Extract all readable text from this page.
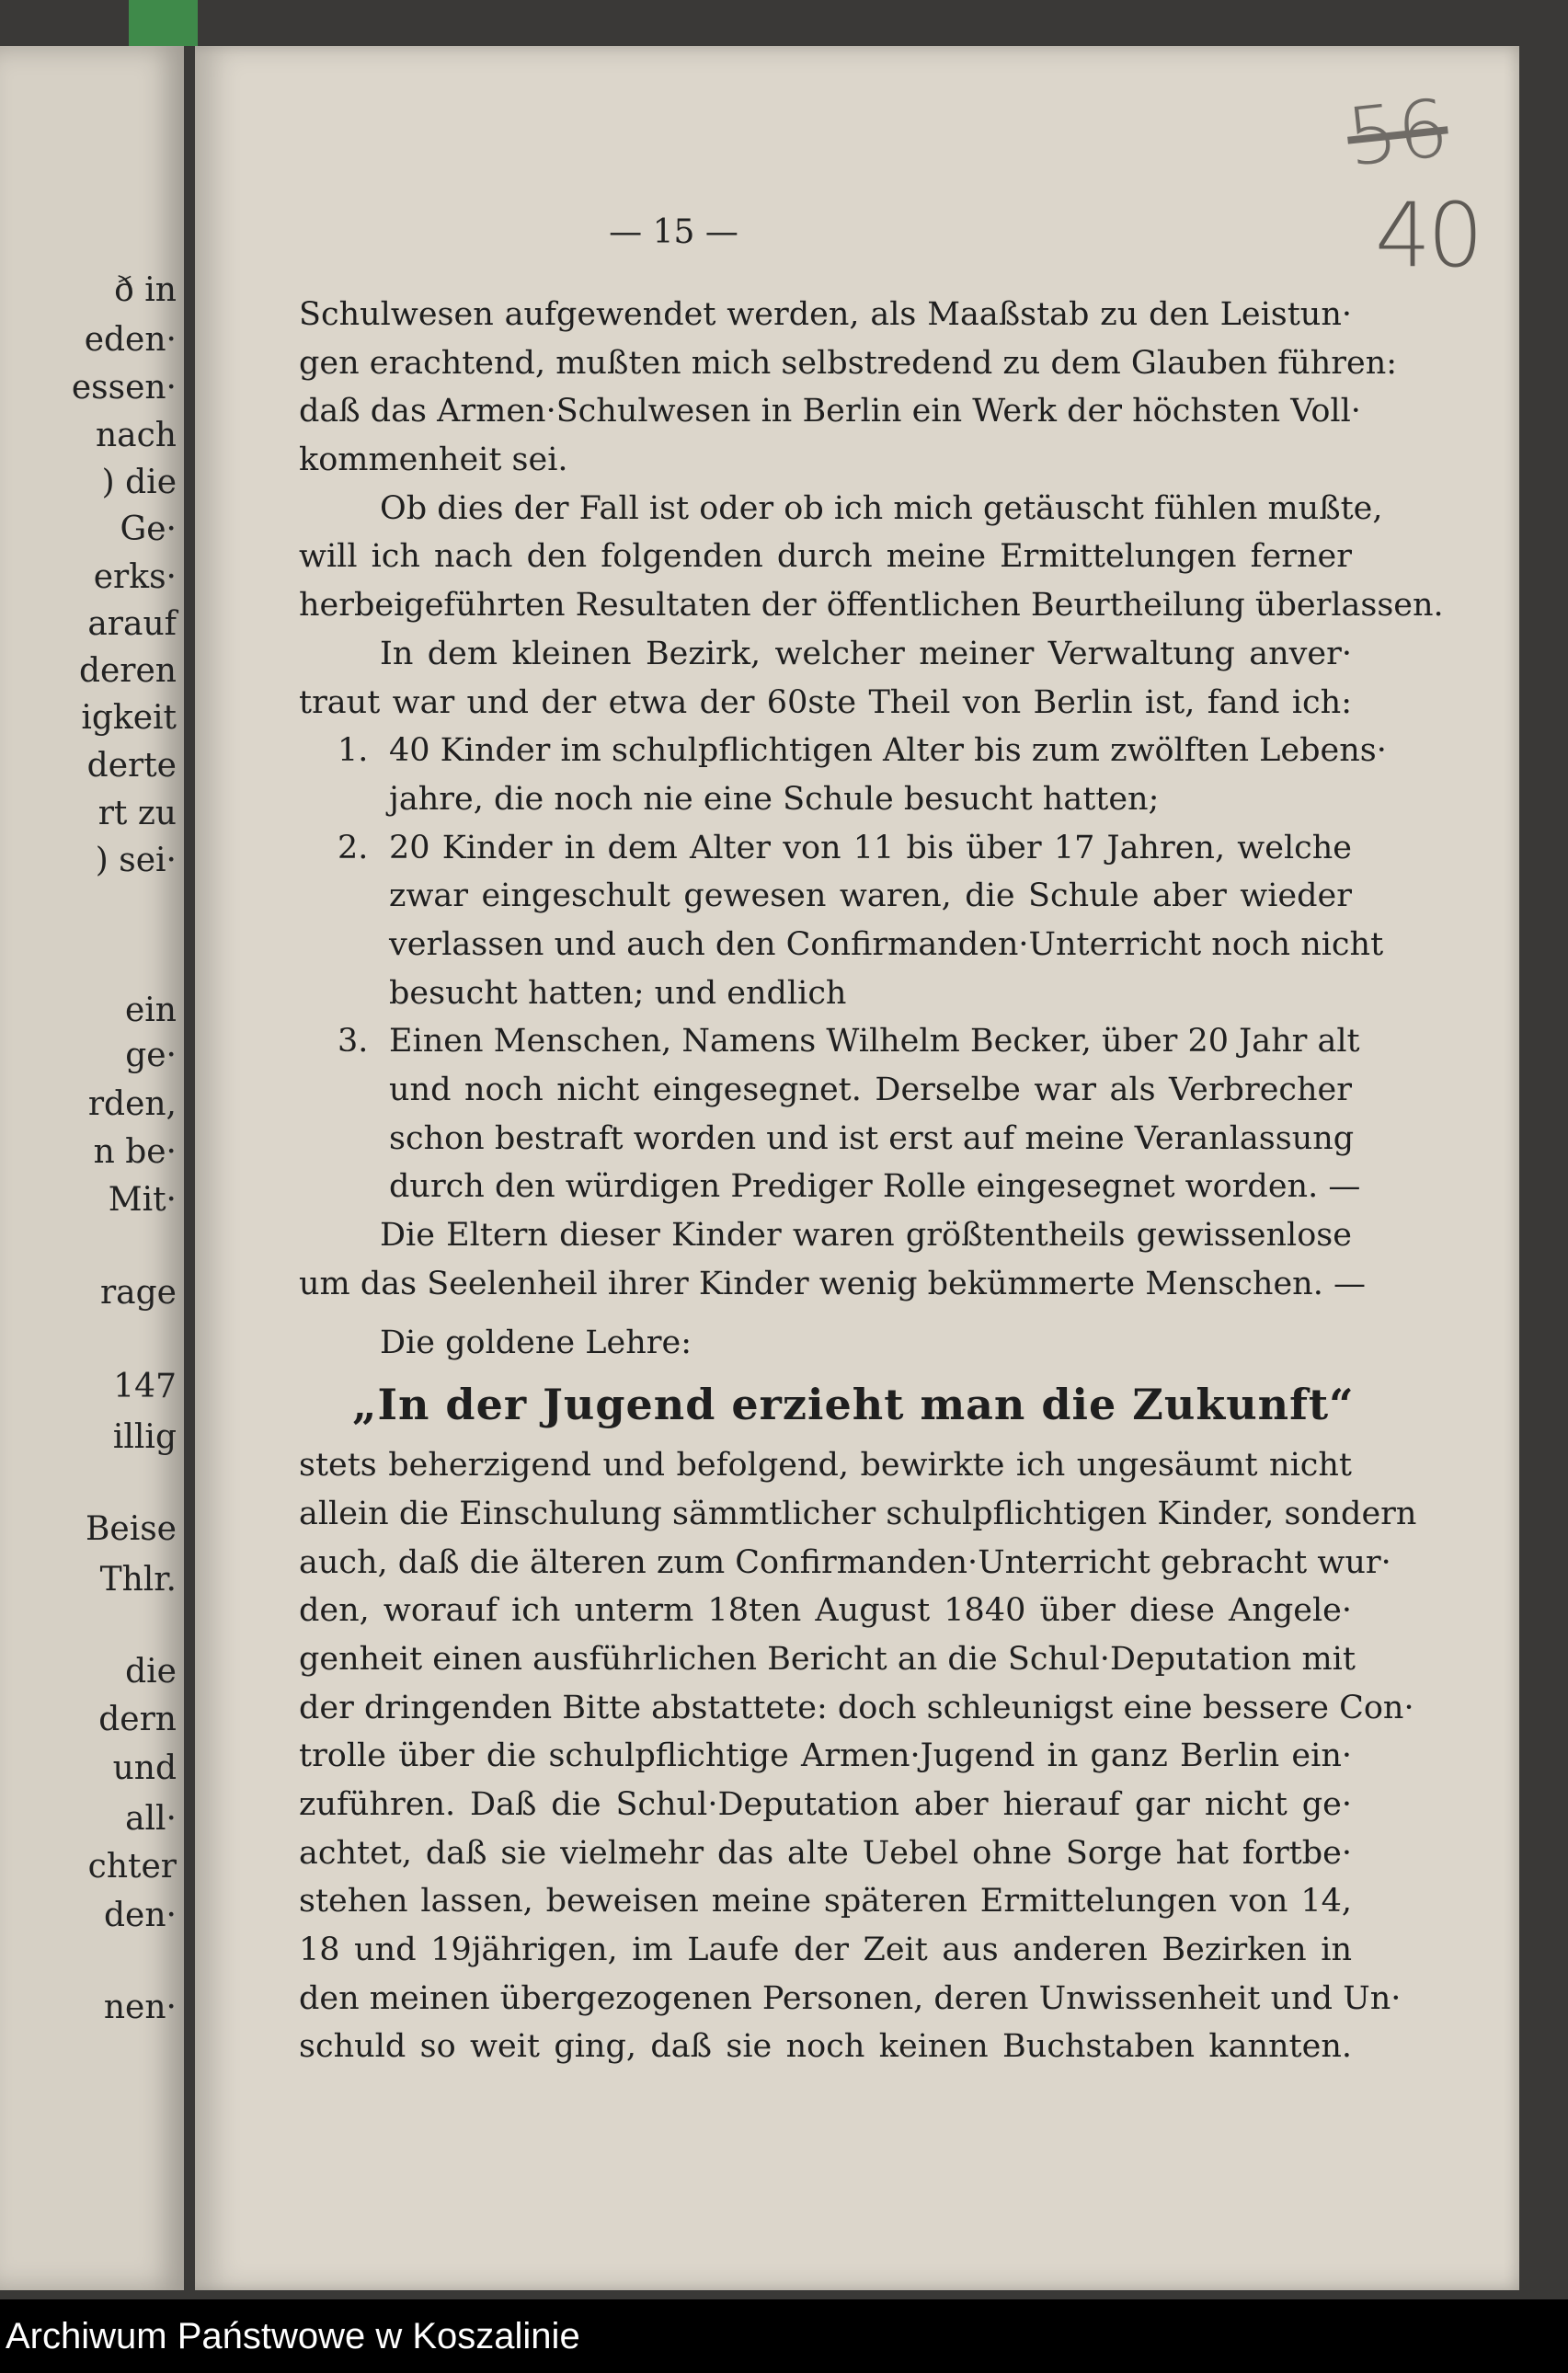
ð in
eden·
essen·
nach
) die
Ge·
erks·
arauf
deren
igkeit
derte
rt zu
) sei·
ein
ge·
rden,
n be·
Mit·
rage
147
illig
Beise
Thlr.
die
dern
und
all·
chter
den·
nen·
56
40
— 15 —
Schulwesen aufgewendet werden, als Maaßstab zu den Leistun·
gen erachtend, mußten mich selbstredend zu dem Glauben führen:
daß das Armen·Schulwesen in Berlin ein Werk der höchsten Voll·
kommenheit sei.
Ob dies der Fall ist oder ob ich mich getäuscht fühlen mußte,
will ich nach den folgenden durch meine Ermittelungen ferner
herbeigeführten Resultaten der öffentlichen Beurtheilung überlassen.
In dem kleinen Bezirk, welcher meiner Verwaltung anver·
traut war und der etwa der 60ste Theil von Berlin ist, fand ich:
1. 40 Kinder im schulpflichtigen Alter bis zum zwölften Lebens·
jahre, die noch nie eine Schule besucht hatten;
2. 20 Kinder in dem Alter von 11 bis über 17 Jahren, welche
zwar eingeschult gewesen waren, die Schule aber wieder
verlassen und auch den Confirmanden·Unterricht noch nicht
besucht hatten; und endlich
3. Einen Menschen, Namens Wilhelm Becker, über 20 Jahr alt
und noch nicht eingesegnet. Derselbe war als Verbrecher
schon bestraft worden und ist erst auf meine Veranlassung
durch den würdigen Prediger Rolle eingesegnet worden. —
Die Eltern dieser Kinder waren größtentheils gewissenlose
um das Seelenheil ihrer Kinder wenig bekümmerte Menschen. —
Die goldene Lehre:
„In der Jugend erzieht man die Zukunft“
stets beherzigend und befolgend, bewirkte ich ungesäumt nicht
allein die Einschulung sämmtlicher schulpflichtigen Kinder, sondern
auch, daß die älteren zum Confirmanden·Unterricht gebracht wur·
den, worauf ich unterm 18ten August 1840 über diese Angele·
genheit einen ausführlichen Bericht an die Schul·Deputation mit
der dringenden Bitte abstattete: doch schleunigst eine bessere Con·
trolle über die schulpflichtige Armen·Jugend in ganz Berlin ein·
zuführen. Daß die Schul·Deputation aber hierauf gar nicht ge·
achtet, daß sie vielmehr das alte Uebel ohne Sorge hat fortbe·
stehen lassen, beweisen meine späteren Ermittelungen von 14,
18 und 19jährigen, im Laufe der Zeit aus anderen Bezirken in
den meinen übergezogenen Personen, deren Unwissenheit und Un·
schuld so weit ging, daß sie noch keinen Buchstaben kannten.
Archiwum Państwowe w Koszalinie
